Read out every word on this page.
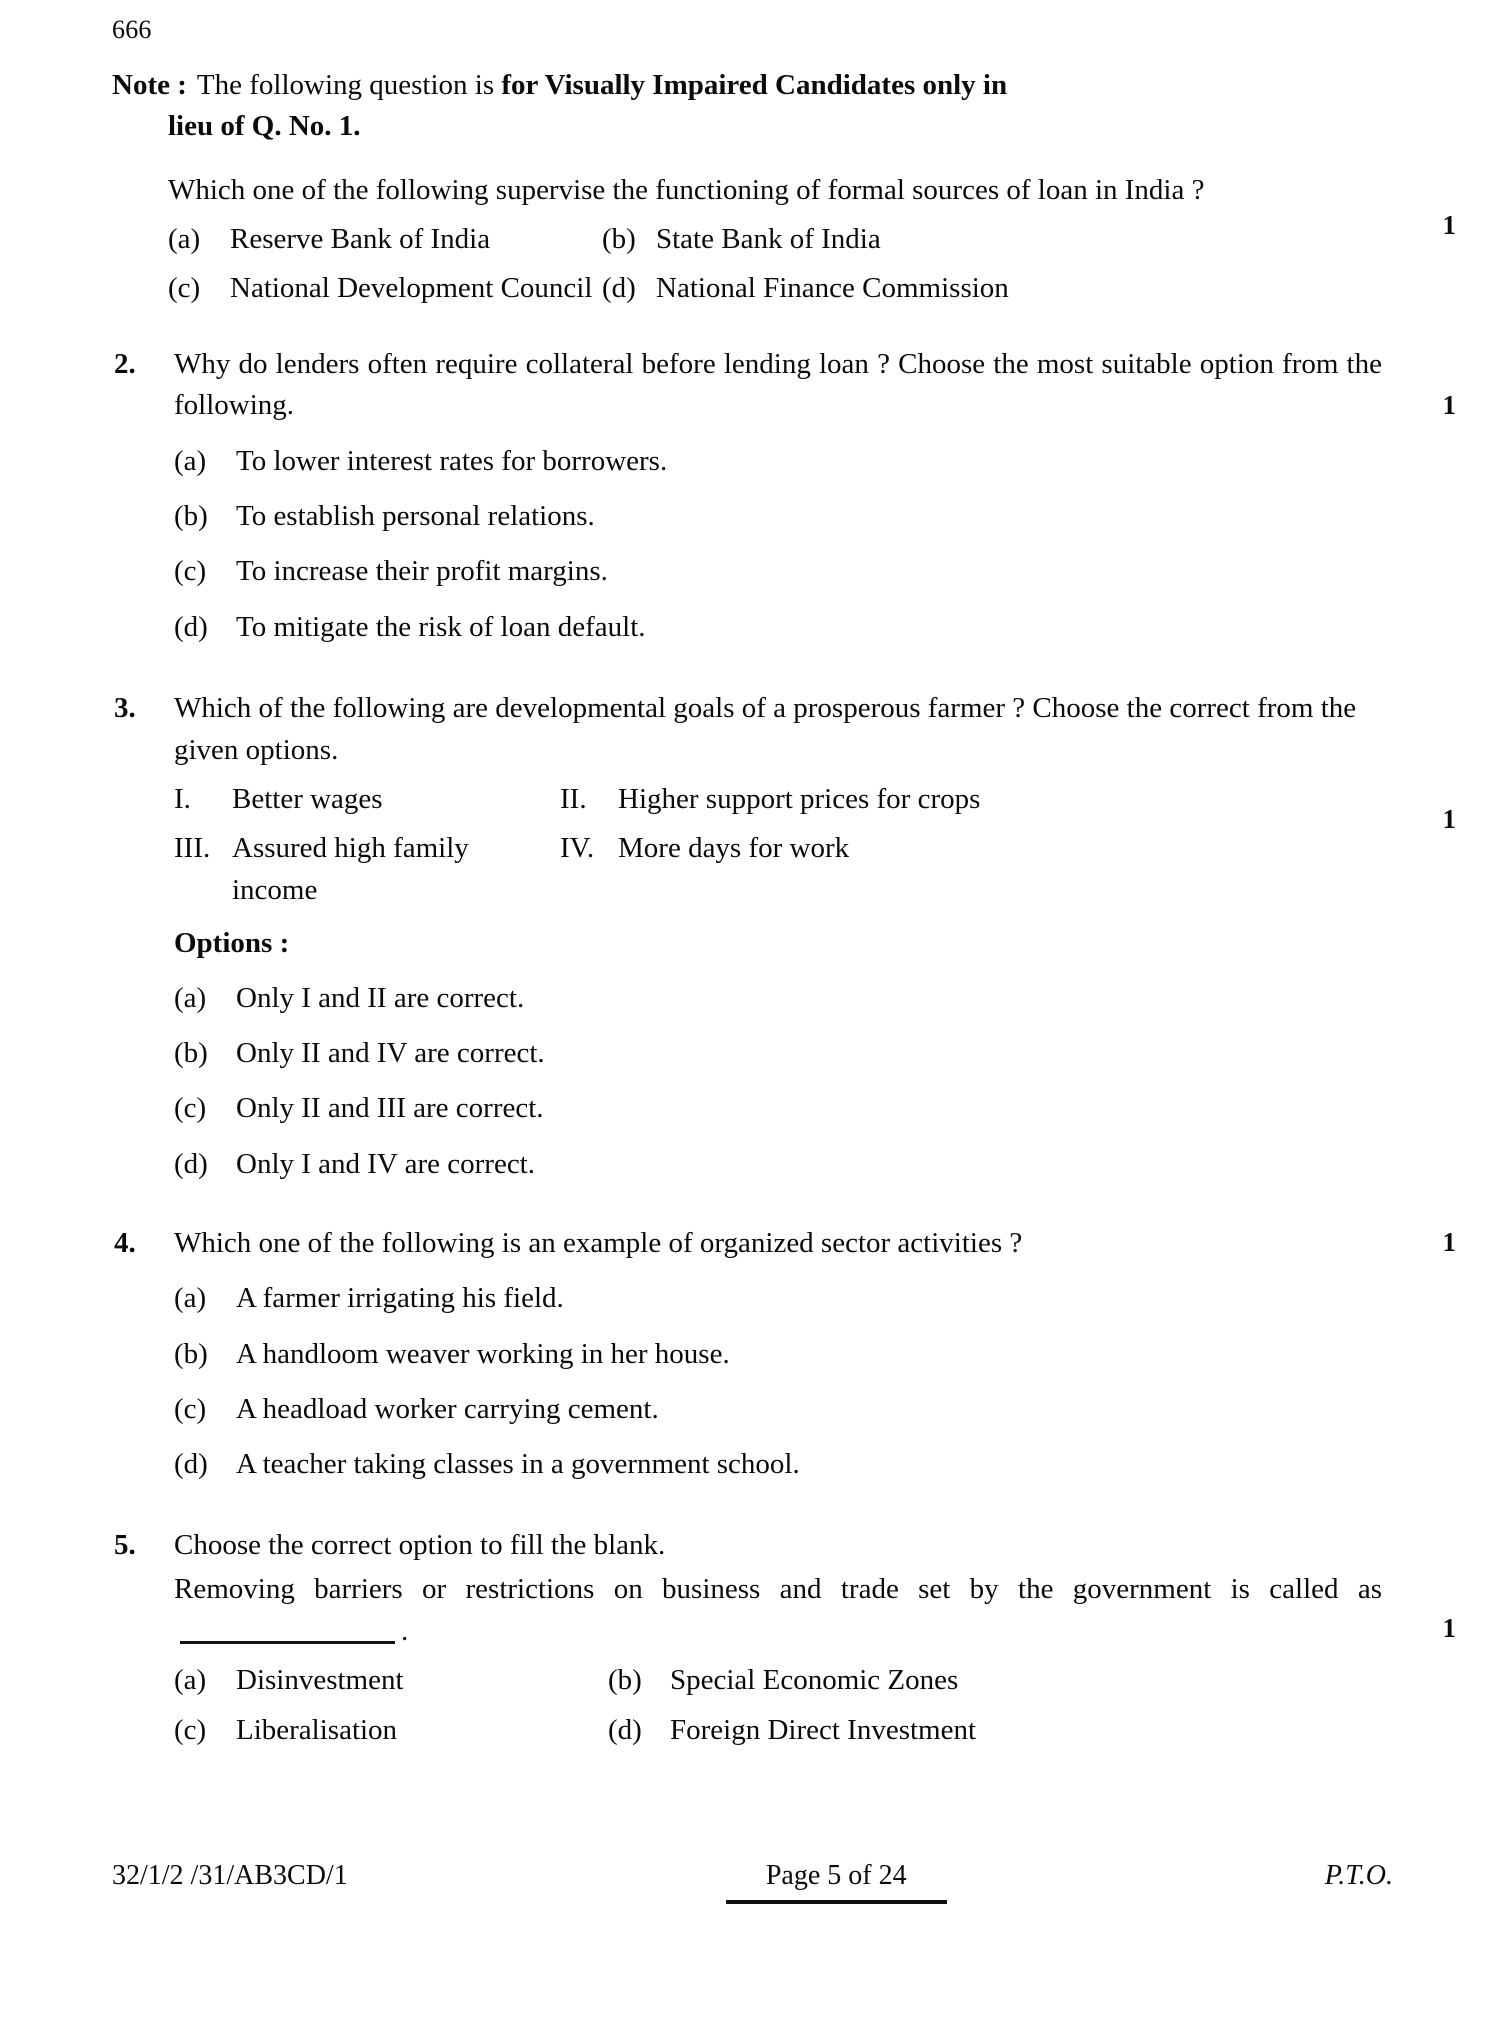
666
Note : The following question is for Visually Impaired Candidates only in
lieu of Q. No. 1.
Which one of the following supervise the functioning of formal sources of loan in India ?
1
(a)	Reserve Bank of India	(b) State Bank of India
(c)	National Development Council (d) National Finance Commission
2.	Why do lenders often require collateral before lending loan ? Choose the most suitable option from the following.	1
(a)	To lower interest rates for borrowers.
(b) To establish personal relations.
(c)	To increase their profit margins.
(d) To mitigate the risk of loan default.
3.	Which of the following are developmental goals of a prosperous farmer ? Choose the correct from the given options.
1
I.	Better wages	II.	Higher support prices for crops
III. Assured high family income
IV. More days for work
Options :
(a)	Only I and II are correct.
(b) Only II and IV are correct.
(c)	Only II and III are correct.
(d) Only I and IV are correct.
4.	Which one of the following is an example of organized sector activities ?	1
(a)	A farmer irrigating his field.
(b) A handloom weaver working in her house.
(c)	A headload worker carrying cement.
(d) A teacher taking classes in a government school.
5.	Choose the correct option to fill the blank.
Removing barriers or restrictions on business and trade set by the government is called as.	1
(a)	Disinvestment	(b) Special Economic Zones
(c)	Liberalisation	(d) Foreign Direct Investment
32/1/2 /31/AB3CD/1	Page 5 of 24	P.T.O.
